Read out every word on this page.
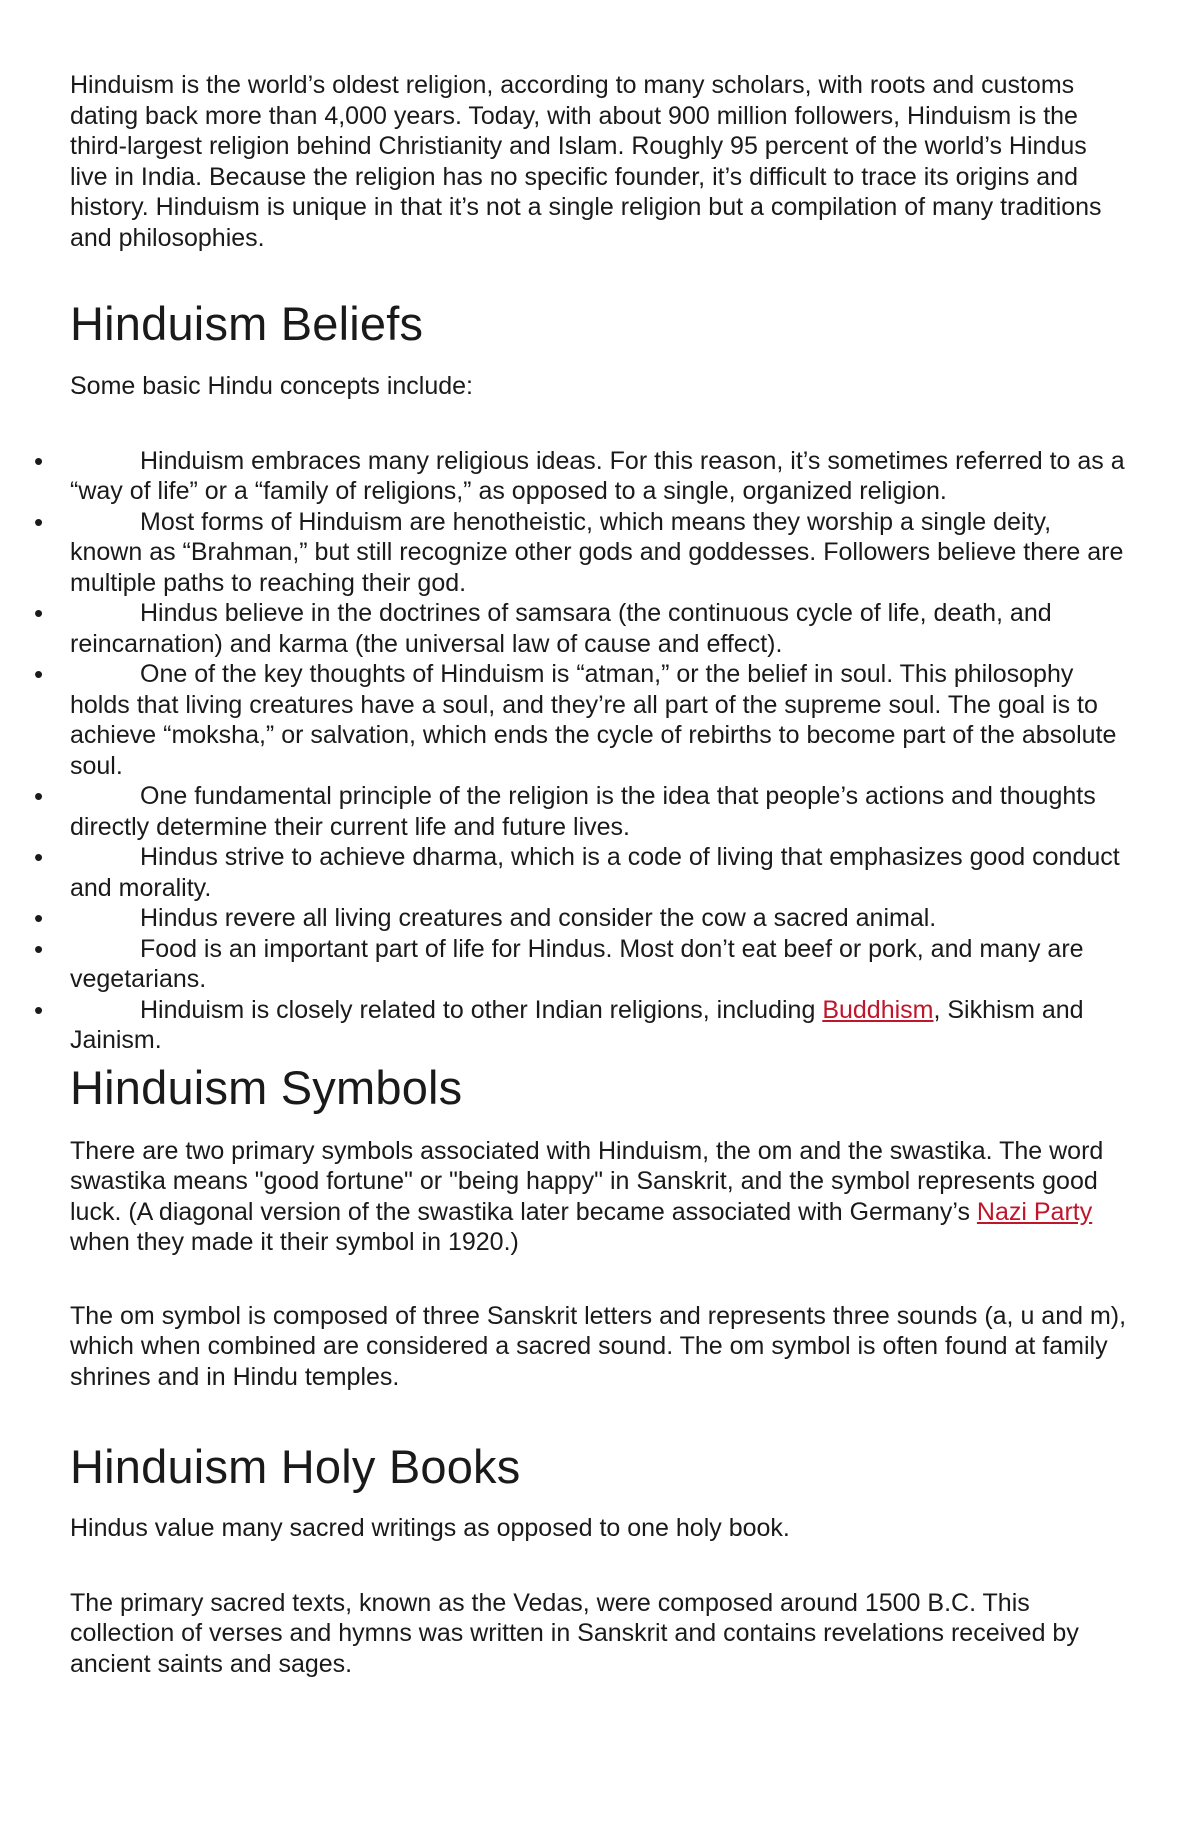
Hinduism is the world’s oldest religion, according to many scholars, with roots and customs dating back more than 4,000 years. Today, with about 900 million followers, Hinduism is the third-largest religion behind Christianity and Islam. Roughly 95 percent of the world’s Hindus live in India. Because the religion has no specific founder, it’s difficult to trace its origins and history. Hinduism is unique in that it’s not a single religion but a compilation of many traditions and philosophies.

Hinduism Beliefs

Some basic Hindu concepts include:

•	Hinduism embraces many religious ideas. For this reason, it’s sometimes referred to as a “way of life” or a “family of religions,” as opposed to a single, organized religion.
•	Most forms of Hinduism are henotheistic, which means they worship a single deity, known as “Brahman,” but still recognize other gods and goddesses. Followers believe there are multiple paths to reaching their god.
•	Hindus believe in the doctrines of samsara (the continuous cycle of life, death, and reincarnation) and karma (the universal law of cause and effect).
•	One of the key thoughts of Hinduism is “atman,” or the belief in soul. This philosophy holds that living creatures have a soul, and they’re all part of the supreme soul. The goal is to achieve “moksha,” or salvation, which ends the cycle of rebirths to become part of the absolute soul.
•	One fundamental principle of the religion is the idea that people’s actions and thoughts directly determine their current life and future lives.
•	Hindus strive to achieve dharma, which is a code of living that emphasizes good conduct and morality.
•	Hindus revere all living creatures and consider the cow a sacred animal.
•	Food is an important part of life for Hindus. Most don’t eat beef or pork, and many are vegetarians.
•	Hinduism is closely related to other Indian religions, including Buddhism, Sikhism and Jainism.
Hinduism Symbols

There are two primary symbols associated with Hinduism, the om and the swastika. The word swastika means "good fortune" or "being happy" in Sanskrit, and the symbol represents good luck. (A diagonal version of the swastika later became associated with Germany’s Nazi Party when they made it their symbol in 1920.)

The om symbol is composed of three Sanskrit letters and represents three sounds (a, u and m), which when combined are considered a sacred sound. The om symbol is often found at family shrines and in Hindu temples.

Hinduism Holy Books

Hindus value many sacred writings as opposed to one holy book.

The primary sacred texts, known as the Vedas, were composed around 1500 B.C. This collection of verses and hymns was written in Sanskrit and contains revelations received by ancient saints and sages.
